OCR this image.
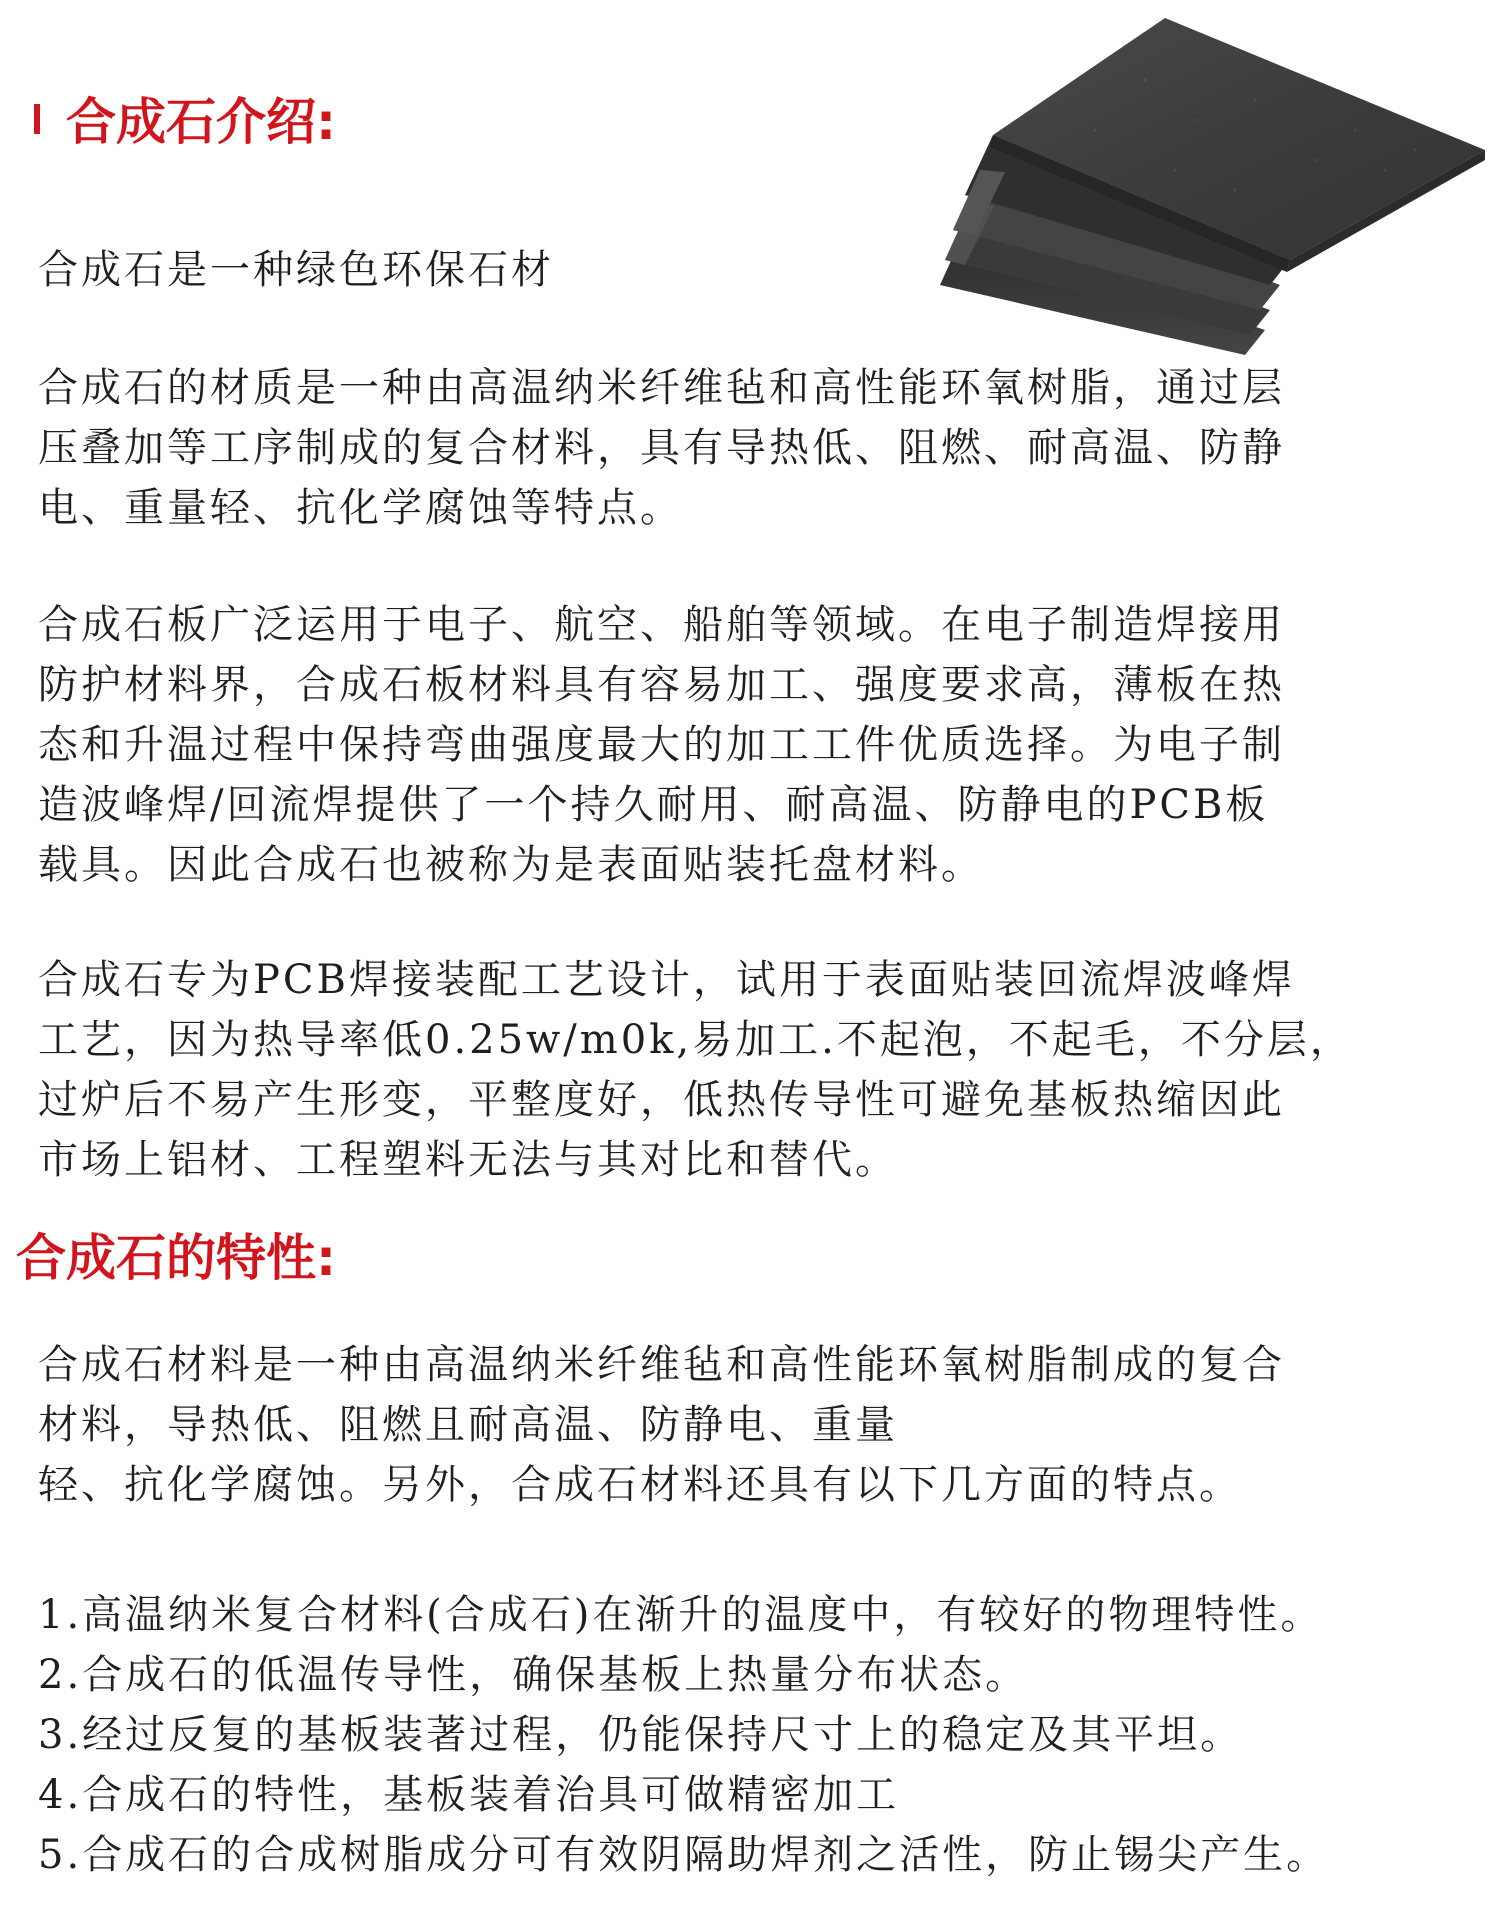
合成石介绍:

合成石是一种绿色环保石材

合成石的材质是一种由高温纳米纤维毡和高性能环氧树脂，通过层
压叠加等工序制成的复合材料，具有导热低、阻燃、耐高温、防静
电、重量轻、抗化学腐蚀等特点。

合成石板广泛运用于电子、航空、船舶等领域。在电子制造焊接用
防护材料界，合成石板材料具有容易加工、强度要求高，薄板在热
态和升温过程中保持弯曲强度最大的加工工件优质选择。为电子制
造波峰焊/回流焊提供了一个持久耐用、耐高温、防静电的PCB板
载具。因此合成石也被称为是表面贴装托盘材料。

合成石专为PCB焊接装配工艺设计，试用于表面贴装回流焊波峰焊
工艺，因为热导率低0.25w/m0k,易加工.不起泡，不起毛，不分层，
过炉后不易产生形变，平整度好，低热传导性可避免基板热缩因此
市场上铝材、工程塑料无法与其对比和替代。

合成石的特性:

合成石材料是一种由高温纳米纤维毡和高性能环氧树脂制成的复合
材料，导热低、阻燃且耐高温、防静电、重量
轻、抗化学腐蚀。另外，合成石材料还具有以下几方面的特点。

1.高温纳米复合材料(合成石)在渐升的温度中，有较好的物理特性。
2.合成石的低温传导性，确保基板上热量分布状态。
3.经过反复的基板装著过程，仍能保持尺寸上的稳定及其平坦。
4.合成石的特性，基板装着治具可做精密加工
5.合成石的合成树脂成分可有效阴隔助焊剂之活性，防止锡尖产生。
